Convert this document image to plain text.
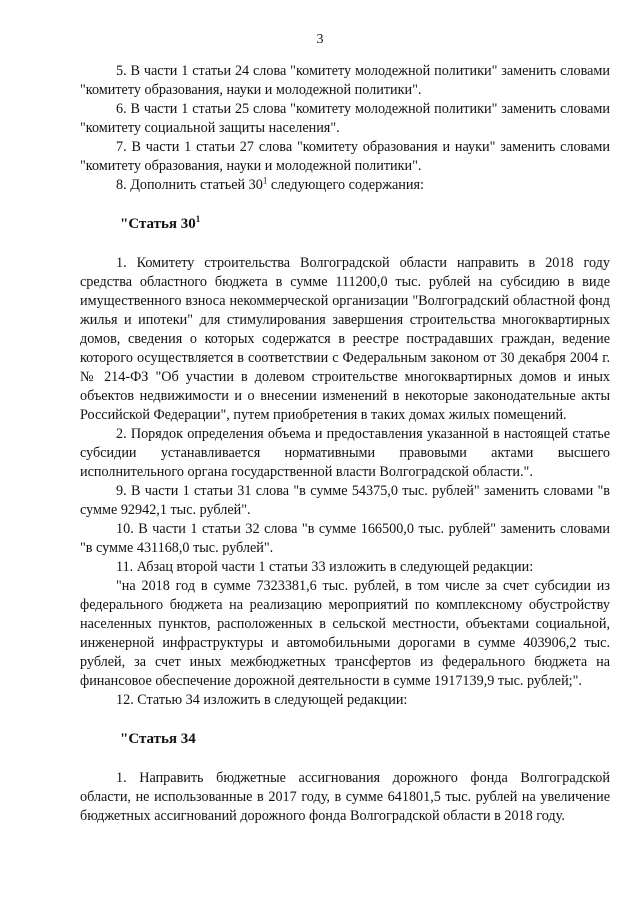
3

5. В части 1 статьи 24 слова "комитету молодежной политики" заменить словами "комитету образования, науки и молодежной политики".

6. В части 1 статьи 25 слова "комитету молодежной политики" заменить словами "комитету социальной защиты населения".

7. В части 1 статьи 27 слова "комитету образования и науки" заменить словами "комитету образования, науки и молодежной политики".

8. Дополнить статьей $30^1$ следующего содержания:

"Статья $30^1$

1. Комитету строительства Волгоградской области направить в 2018 году средства областного бюджета в сумме 111200,0 тыс. рублей на субсидию в виде имущественного взноса некоммерческой организации "Волгоградский областной фонд жилья и ипотеки" для стимулирования завершения строительства многоквартирных домов, сведения о которых содержатся в реестре пострадавших граждан, ведение которого осуществляется в соответствии с Федеральным законом от 30 декабря 2004 г. № 214-ФЗ "Об участии в долевом строительстве многоквартирных домов и иных объектов недвижимости и о внесении изменений в некоторые законодательные акты Российской Федерации", путем приобретения в таких домах жилых помещений.

2. Порядок определения объема и предоставления указанной в настоящей статье субсидии устанавливается нормативными правовыми актами высшего исполнительного органа государственной власти Волгоградской области.".

9. В части 1 статьи 31 слова "в сумме 54375,0 тыс. рублей" заменить словами "в сумме 92942,1 тыс. рублей".

10. В части 1 статьи 32 слова "в сумме 166500,0 тыс. рублей" заменить словами "в сумме 431168,0 тыс. рублей".

11. Абзац второй части 1 статьи 33 изложить в следующей редакции:

"на 2018 год в сумме 7323381,6 тыс. рублей, в том числе за счет субсидии из федерального бюджета на реализацию мероприятий по комплексному обустройству населенных пунктов, расположенных в сельской местности, объектами социальной, инженерной инфраструктуры и автомобильными дорогами в сумме 403906,2 тыс. рублей, за счет иных межбюджетных трансфертов из федерального бюджета на финансовое обеспечение дорожной деятельности в сумме 1917139,9 тыс. рублей;".

12. Статью 34 изложить в следующей редакции:

"Статья 34

1. Направить бюджетные ассигнования дорожного фонда Волгоградской области, не использованные в 2017 году, в сумме 641801,5 тыс. рублей на увеличение бюджетных ассигнований дорожного фонда Волгоградской области в 2018 году.
